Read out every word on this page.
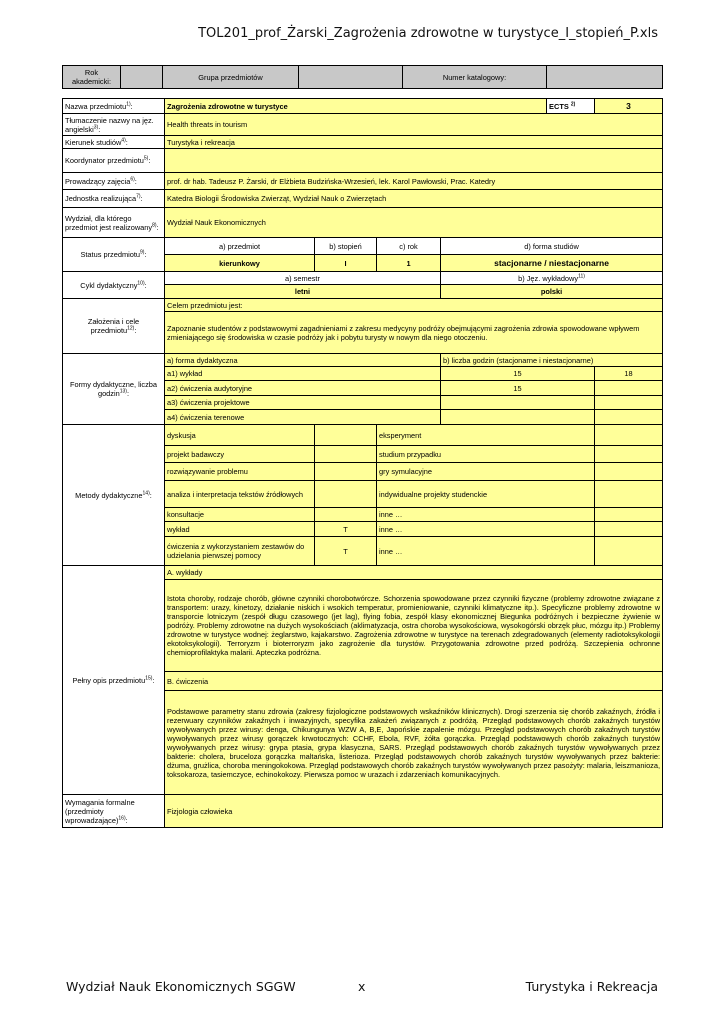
TOL201_prof_Żarski_Zagrożenia zdrowotne w turystyce_I_stopień_P.xls
Rok akademicki:		Grupa przedmiotów		Numer katalogowy:	
Nazwa przedmiotu$^{1)}$:	Zagrożenia zdrowotne w turystyce				ECTS $^{2)}$	3
Tłumaczenie nazwy na jęz. angielski$^{3)}$:	Health threats in tourism					
Kierunek studiów$^{4)}$:	Turystyka i rekreacja					
Koordynator przedmiotu$^{5)}$:						
Prowadzący zajęcia$^{6)}$:	prof. dr hab. Tadeusz P. Żarski, dr Elżbieta Budzińska-Wrzesień, lek. Karol Pawłowski, Prac. Katedry					
Jednostka realizująca$^{7)}$:	Katedra Biologii Środowiska Zwierząt, Wydział Nauk o Zwierzętach					
Wydział, dla którego przedmiot jest realizowany$^{8)}$:	Wydział Nauk Ekonomicznych					
Status przedmiotu$^{9)}$:	a) przedmiot	b) stopień	c) rok	d) forma studiów		
	kierunkowy	I	1	stacjonarne / niestacjonarne		
Cykl dydaktyczny$^{10)}$:	a) semestr			b) Jęz. wykładowy$^{11)}$
	letni			polski		
Założenia i cele przedmiotu$^{12)}$:	Celem przedmiotu jest:					
	Zapoznanie studentów z podstawowymi zagadnieniami z zakresu medycyny podróży obejmującymi zagrożenia zdrowia spowodowane wpływem zmieniającego się środowiska w czasie podróży jak i pobytu turysty w nowym dla niego otoczeniu.					
Formy dydaktyczne, liczba godzin$^{13)}$:	a) forma dydaktyczna			b) liczba godzin (stacjonarne i niestacjonarne)		
	a1) wykład			15		18
	a2) ćwiczenia audytoryjne			15		
	a3) ćwiczenia projektowe					
	a4) ćwiczenia terenowe					
Metody dydaktyczne$^{14)}$:	dyskusja		eksperyment			
	projekt badawczy		studium przypadku			
	rozwiązywanie problemu		gry symulacyjne			
	analiza i interpretacja tekstów źródłowych		indywidualne projekty studenckie			
	konsultacje		inne …			
	wykład	T	inne …			
	ćwiczenia z wykorzystaniem zestawów do udzielania pierwszej pomocy	T	inne …			
Pełny opis przedmiotu$^{15)}$:	A. wykłady					
	Istota choroby, rodzaje chorób, główne czynniki chorobotwórcze. Schorzenia spowodowane przez czynniki fizyczne (problemy zdrowotne związane z transportem: urazy, kinetozy, działanie niskich i wsokich temperatur, promieniowanie, czynniki klimatyczne itp.). Specyficzne problemy zdrowotne w transporcie lotniczym (zespół długu czasowego (jet lag), flying fobia, zespół klasy ekonomicznej Biegunka podróżnych i bezpieczne żywienie w podróży. Problemy zdrowotne na dużych wysokościach (aklimatyzacja, ostra choroba wysokościowa, wysokogórski obrzęk płuc, mózgu itp.) Problemy zdrowotne w turystyce wodnej: żeglarstwo, kajakarstwo. Zagrożenia zdrowotne w turystyce na terenach zdegradowanych (elementy radiotoksykologii ekotoksykologii). Terroryzm i bioterroryzm jako zagrożenie dla turystów. Przygotowania zdrowotne przed podróżą. Szczepienia ochronne chemioprofilaktyka malarii. Apteczka podróżna.					
	B. ćwiczenia					
	Podstawowe parametry stanu zdrowia (zakresy fizjologiczne podstawowych wskaźników klinicznych). Drogi szerzenia się chorób zakaźnych, źródła i rezerwuary czynników zakaźnych i inwazyjnych, specyfika zakażeń związanych z podróżą. Przegląd podstawowych chorób zakaźnych turystów wywoływanych przez wirusy: denga, Chikungunya WZW A, B,E, Japońskie zapalenie mózgu. Przegląd podstawowych chorób zakaźnych turystów wywoływanych przez wirusy gorączek krwotocznych: CCHF, Ebola, RVF, żółta gorączka. Przegląd podstawowych chorób zakaźnych turystów wywoływanych przez wirusy: grypa ptasia, grypa klasyczna, SARS. Przegląd podstawowych chorób zakaźnych turystów wywoływanych przez bakterie: cholera, bruceloza gorączka maltańska, listerioza. Przegląd podstawowych chorób zakaźnych turystów wywoływanych przez bakterie: dżuma, grużlica, choroba meningokokowa. Przegląd podstawowych chorób zakaźnych turystów wywoływanych przez pasożyty: malaria, leiszmanioza, toksokaroza, tasiemczyce, echinokokozy. Pierwsza pomoc w urazach i zdarzeniach komunikacyjnych.					
Wymagania formalne (przedmioty wprowadzające)$^{16)}$:	Fizjologia człowieka					
Wydział Nauk Ekonomicznych SGGW	x	Turystyka i Rekreacja
